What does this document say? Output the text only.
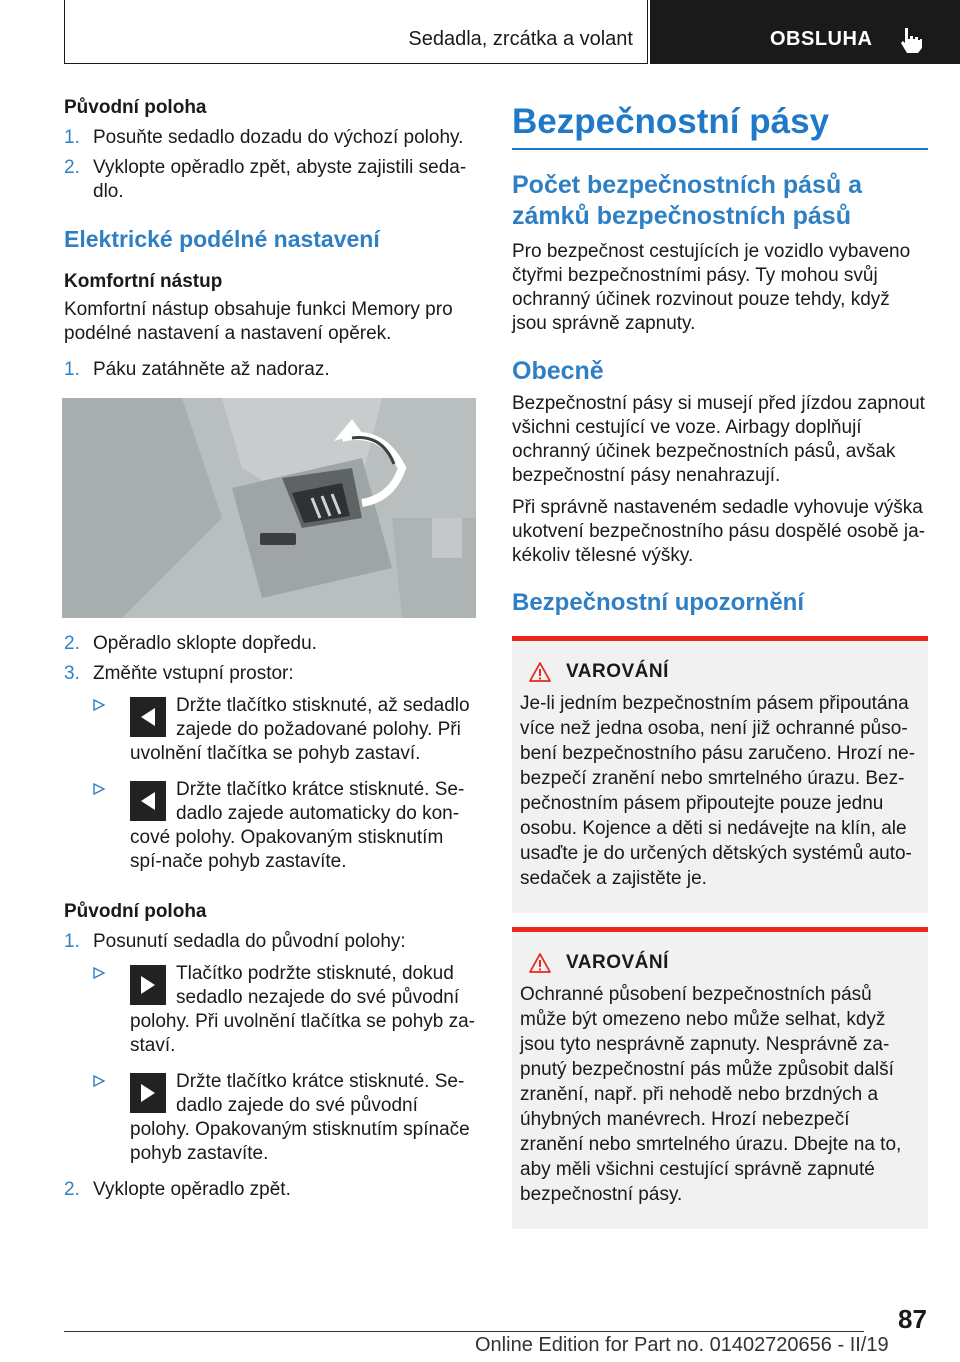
Sedadla, zrcátka a volant	OBSLUHA

Původní poloha

1. Posuňte sedadlo dozadu do výchozí polohy.
2. Vyklopte opěradlo zpět, abyste zajistili seda-dlo.

Elektrické podélné nastavení

Komfortní nástup

Komfortní nástup obsahuje funkci Memory pro podélné nastavení a nastavení opěrek.

1. Páku zatáhněte až nadoraz.
2. Opěradlo sklopte dopředu.
3. Změňte vstupní prostor:
Držte tlačítko stisknuté, až sedadlo zajede do požadované polohy. Při uvolnění tlačítka se pohyb zastaví.
Držte tlačítko krátce stisknuté. Se-dadlo zajede automaticky do kon-cové polohy. Opakovaným stisknutím spí-nače pohyb zastavíte.

Původní poloha

1. Posunutí sedadla do původní polohy:
Tlačítko podržte stisknuté, dokud sedadlo nezajede do své původní polohy. Při uvolnění tlačítka se pohyb za-staví.
Držte tlačítko krátce stisknuté. Se-dadlo zajede do své původní polohy. Opakovaným stisknutím spínače pohyb zastavíte.
2. Vyklopte opěradlo zpět.

Bezpečnostní pásy

Počet bezpečnostních pásů a zámků bezpečnostních pásů

Pro bezpečnost cestujících je vozidlo vybaveno čtyřmi bezpečnostními pásy. Ty mohou svůj ochranný účinek rozvinout pouze tehdy, když jsou správně zapnuty.

Obecně

Bezpečnostní pásy si musejí před jízdou zapnout všichni cestující ve voze. Airbagy doplňují ochranný účinek bezpečnostních pásů, avšak bezpečnostní pásy nenahrazují.

Při správně nastaveném sedadle vyhovuje výška ukotvení bezpečnostního pásu dospělé osobě ja-kékoliv tělesné výšky.

Bezpečnostní upozornění

VAROVÁNÍ

Je-li jedním bezpečnostním pásem připoutána více než jedna osoba, není již ochranné půso-bení bezpečnostního pásu zaručeno. Hrozí ne-bezpečí zranění nebo smrtelného úrazu. Bez-pečnostním pásem připoutejte pouze jednu osobu. Kojence a děti si nedávejte na klín, ale usaďte je do určených dětských systémů auto-sedaček a zajistěte je.

VAROVÁNÍ

Ochranné působení bezpečnostních pásů může být omezeno nebo může selhat, když jsou tyto nesprávně zapnuty. Nesprávně za-pnutý bezpečnostní pás může způsobit další zranění, např. při nehodě nebo brzdných a úhybných manévrech. Hrozí nebezpečí zranění nebo smrtelného úrazu. Dbejte na to, aby měli všichni cestující správně zapnuté bezpečnostní pásy.

87
Online Edition for Part no. 01402720656 - II/19
